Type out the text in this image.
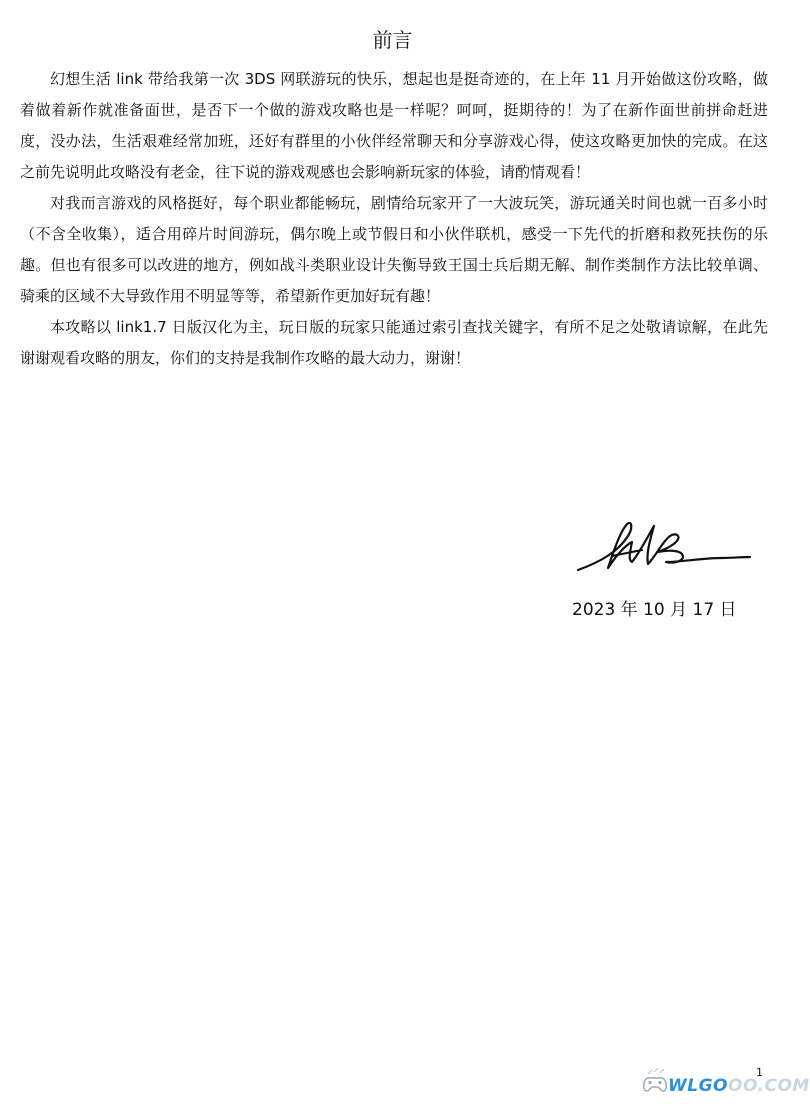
前言

幻想生活 link 带给我第一次 3DS 网联游玩的快乐，想起也是挺奇迹的，在上年 11 月开始做这份攻略，做着做着新作就准备面世，是否下一个做的游戏攻略也是一样呢？呵呵，挺期待的！为了在新作面世前拼命赶进度，没办法，生活艰难经常加班，还好有群里的小伙伴经常聊天和分享游戏心得，使这攻略更加快的完成。在这之前先说明此攻略没有老金，往下说的游戏观感也会影响新玩家的体验，请酌情观看！

对我而言游戏的风格挺好，每个职业都能畅玩，剧情给玩家开了一大波玩笑，游玩通关时间也就一百多小时（不含全收集），适合用碎片时间游玩，偶尔晚上或节假日和小伙伴联机，感受一下先代的折磨和救死扶伤的乐趣。但也有很多可以改进的地方，例如战斗类职业设计失衡导致王国士兵后期无解、制作类制作方法比较单调、骑乘的区域不大导致作用不明显等等，希望新作更加好玩有趣！

本攻略以 link1.7 日版汉化为主，玩日版的玩家只能通过索引查找关键字，有所不足之处敬请谅解，在此先谢谢观看攻略的朋友，你们的支持是我制作攻略的最大动力，谢谢！

2023 年 10 月 17 日
1
WLGOOO.COM
